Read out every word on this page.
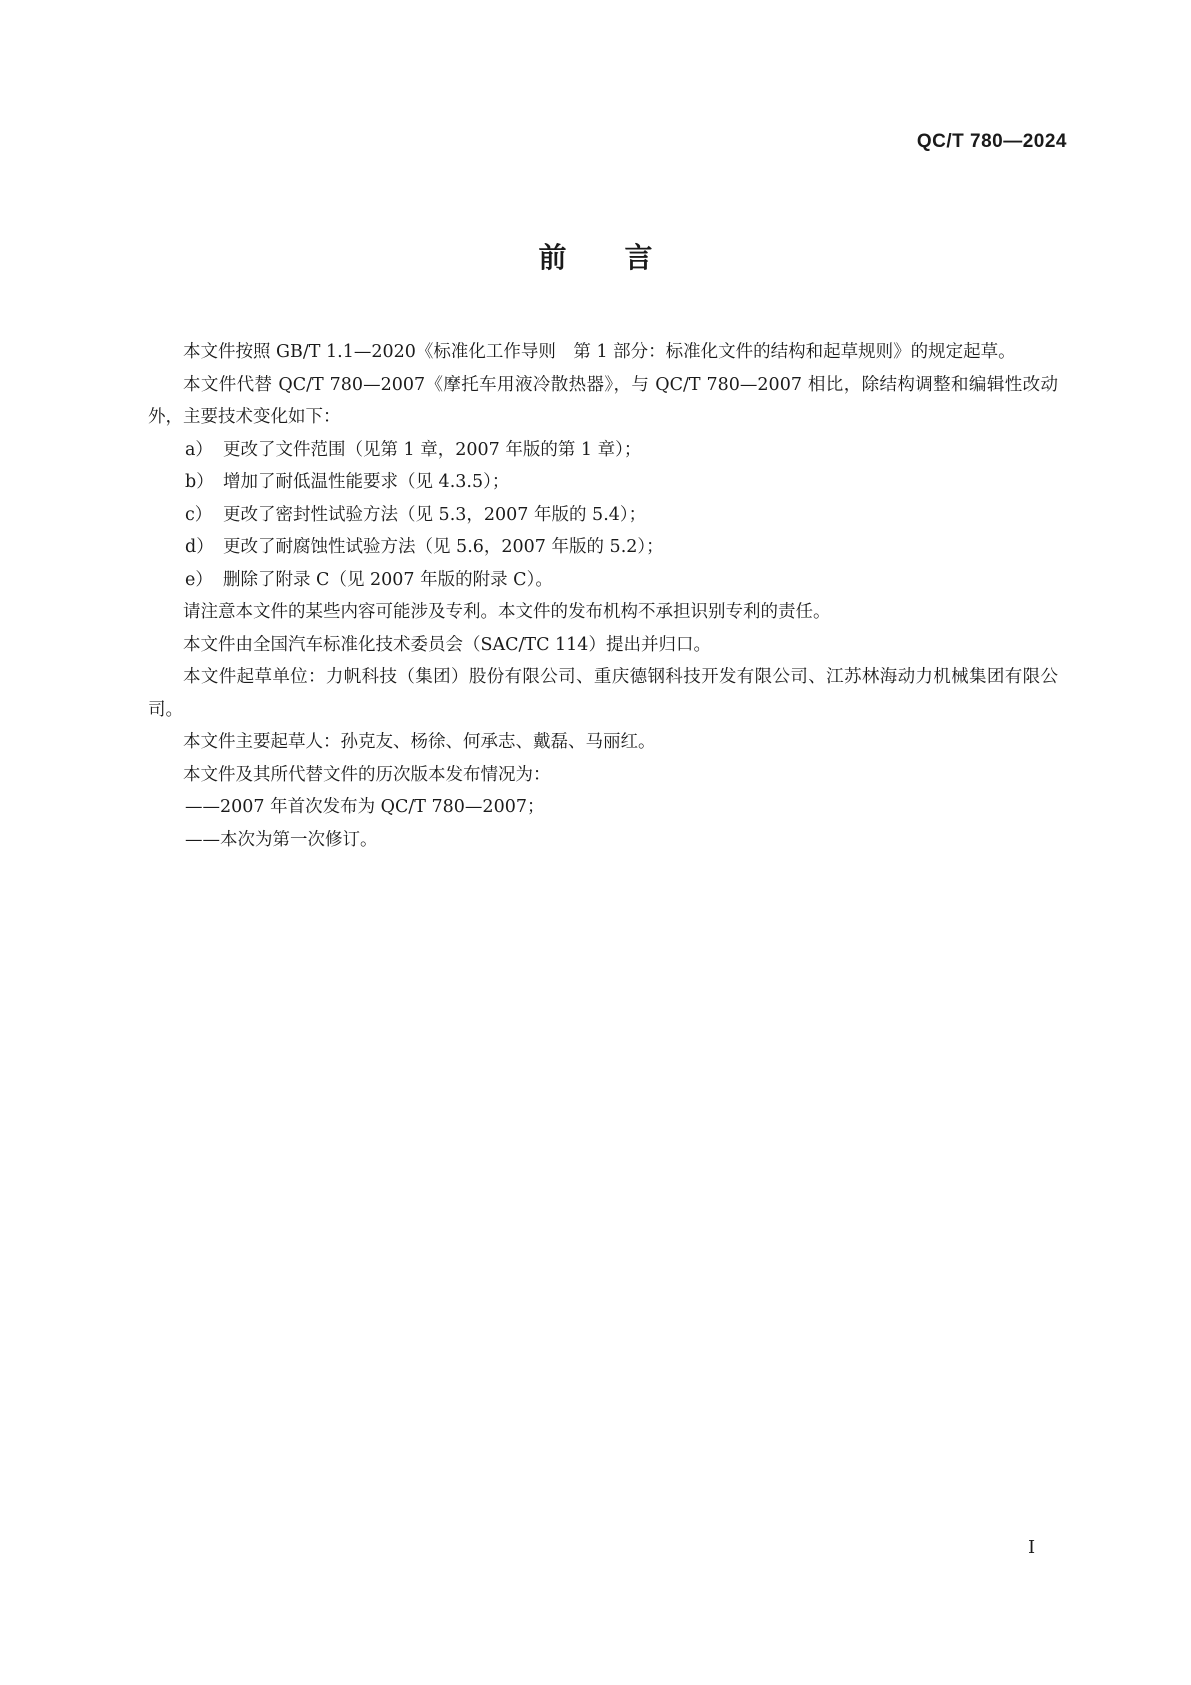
QC/T 780—2024
前言

本文件按照 GB/T 1.1—2020《标准化工作导则　第 1 部分：标准化文件的结构和起草规则》的规定起草。

本文件代替 QC/T 780—2007《摩托车用液冷散热器》，与 QC/T 780—2007 相比，除结构调整和编辑性改动外，主要技术变化如下：

a） 更改了文件范围（见第 1 章，2007 年版的第 1 章）；
b） 增加了耐低温性能要求（见 4.3.5）；
c） 更改了密封性试验方法（见 5.3，2007 年版的 5.4）；
d） 更改了耐腐蚀性试验方法（见 5.6，2007 年版的 5.2）；
e） 删除了附录 C（见 2007 年版的附录 C）。

请注意本文件的某些内容可能涉及专利。本文件的发布机构不承担识别专利的责任。

本文件由全国汽车标准化技术委员会（SAC/TC 114）提出并归口。

本文件起草单位：力帆科技（集团）股份有限公司、重庆德钢科技开发有限公司、江苏林海动力机械集团有限公司。

本文件主要起草人：孙克友、杨徐、何承志、戴磊、马丽红。

本文件及其所代替文件的历次版本发布情况为：

——2007 年首次发布为 QC/T 780—2007；

——本次为第一次修订。

I
